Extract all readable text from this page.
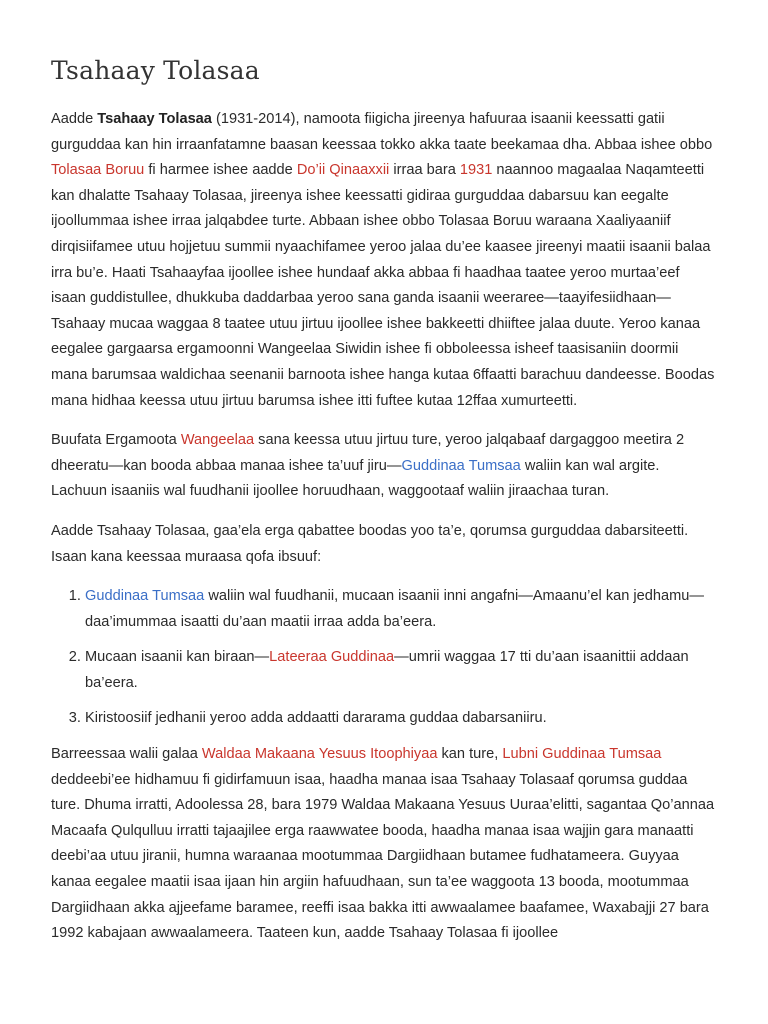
Tsahaay Tolasaa

Aadde Tsahaay Tolasaa (1931-2014), namoota fiigicha jireenya hafuuraa isaanii keessatti gatii gurguddaa kan hin irraanfatamne baasan keessaa tokko akka taate beekamaa dha. Abbaa ishee obbo Tolasaa Boruu fi harmee ishee aadde Do’ii Qinaaxxii irraa bara 1931 naannoo magaalaa Naqamteetti kan dhalatte Tsahaay Tolasaa, jireenya ishee keessatti gidiraa gurguddaa dabarsuu kan eegalte ijoollummaa ishee irraa jalqabdee turte. Abbaan ishee obbo Tolasaa Boruu waraana Xaaliyaaniif dirqisiifamee utuu hojjetuu summii nyaachifamee yeroo jalaa du’ee kaasee jireenyi maatii isaanii balaa irra bu’e. Haati Tsahaayfaa ijoollee ishee hundaaf akka abbaa fi haadhaa taatee yeroo murtaa’eef isaan guddistullee, dhukkuba daddarbaa yeroo sana ganda isaanii weeraree—taayifesiidhaan—Tsahaay mucaa waggaa 8 taatee utuu jirtuu ijoollee ishee bakkeetti dhiiftee jalaa duute. Yeroo kanaa eegalee gargaarsa ergamoonni Wangeelaa Siwidin ishee fi obboleessa isheef taasisaniin doormii mana barumsaa waldichaa seenanii barnoota ishee hanga kutaa 6ffaatti barachuu dandeesse. Boodas mana hidhaa keessa utuu jirtuu barumsa ishee itti fuftee kutaa 12ffaa xumurteetti.

Buufata Ergamoota Wangeelaa sana keessa utuu jirtuu ture, yeroo jalqabaaf dargaggoo meetira 2 dheeratu—kan booda abbaa manaa ishee ta’uuf jiru—Guddinaa Tumsaa waliin kan wal argite. Lachuun isaaniis wal fuudhanii ijoollee horuudhaan, waggootaaf waliin jiraachaa turan.

Aadde Tsahaay Tolasaa, gaa’ela erga qabattee boodas yoo ta’e, qorumsa gurguddaa dabarsiteetti. Isaan kana keessaa muraasa qofa ibsuuf:

1. Guddinaa Tumsaa waliin wal fuudhanii, mucaan isaanii inni angafni—Amaanu’el kan jedhamu—daa’imummaa isaatti du’aan maatii irraa adda ba’eera.
2. Mucaan isaanii kan biraan—Lateeraa Guddinaa—umrii waggaa 17 tti du’aan isaanittii addaan ba’eera.
3. Kiristoosiif jedhanii yeroo adda addaatti dararama guddaa dabarsaniiru.

Barreessaa walii galaa Waldaa Makaana Yesuus Itoophiyaa kan ture, Lubni Guddinaa Tumsaa deddeebi’ee hidhamuu fi gidirfamuun isaa, haadha manaa isaa Tsahaay Tolasaaf qorumsa guddaa ture. Dhuma irratti, Adoolessa 28, bara 1979 Waldaa Makaana Yesuus Uuraa’elitti, sagantaa Qo’annaa Macaafa Qulqulluu irratti tajaajilee erga raawwatee booda, haadha manaa isaa wajjin gara manaatti deebi’aa utuu jiranii, humna waraanaa mootummaa Dargiidhaan butamee fudhatameera. Guyyaa kanaa eegalee maatii isaa ijaan hin argiin hafuudhaan, sun ta’ee waggoota 13 booda, mootummaa Dargiidhaan akka ajjeefame baramee, reeffi isaa bakka itti awwaalamee baafamee, Waxabajji 27 bara 1992 kabajaan awwaalameera. Taateen kun, aadde Tsahaay Tolasaa fi ijoollee
